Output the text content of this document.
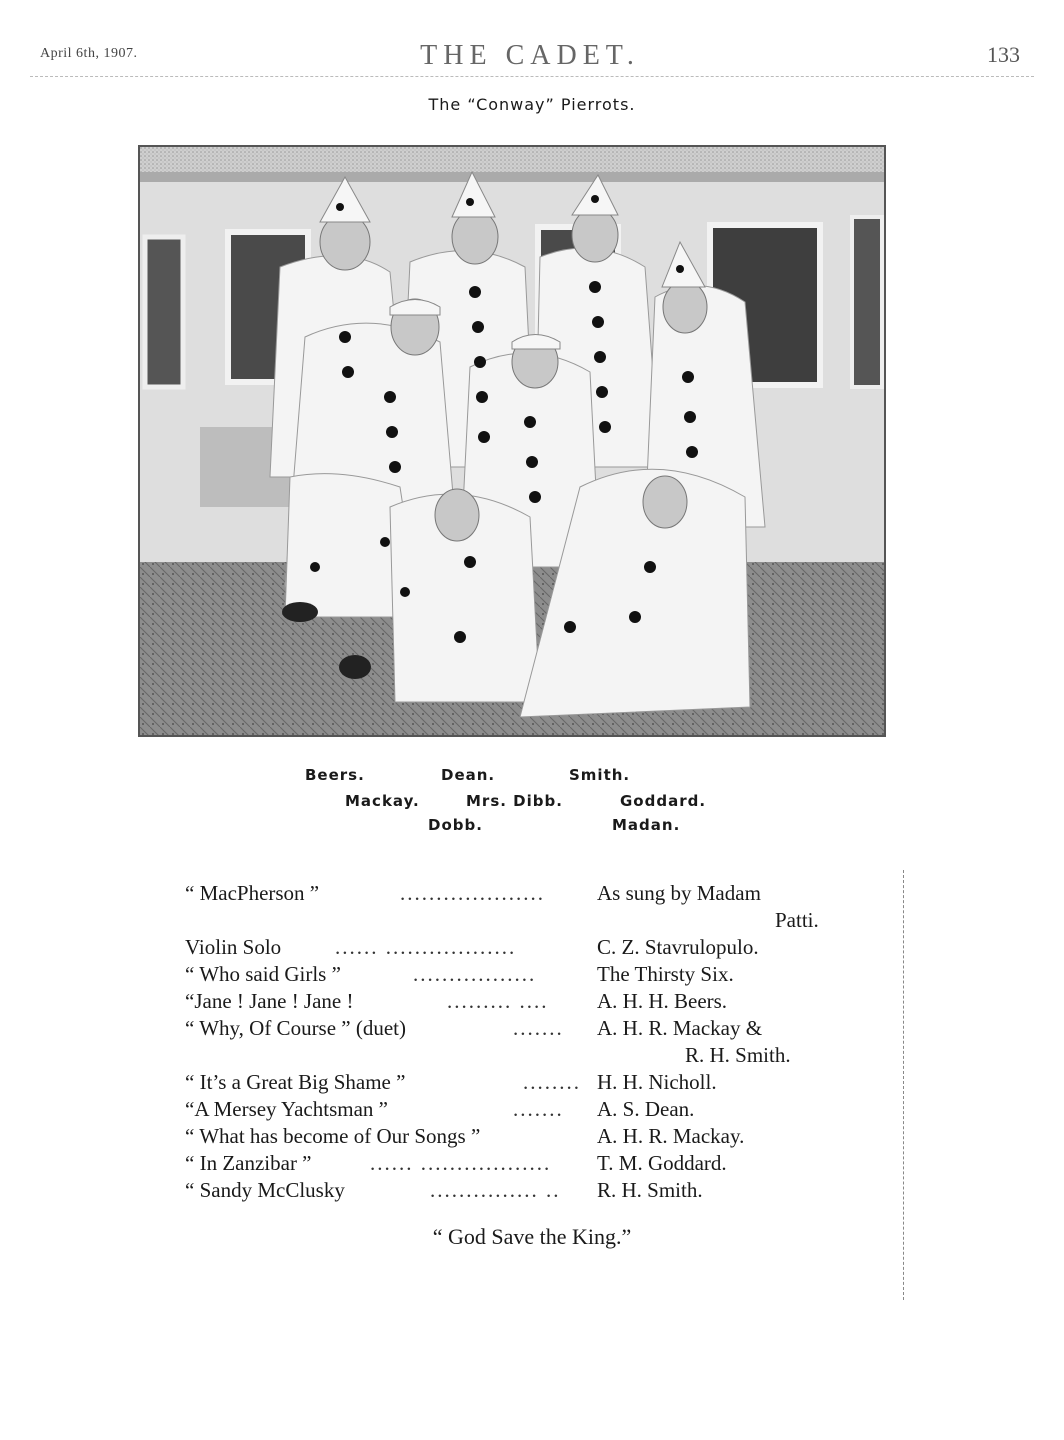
April 6th, 1907.	THE CADET.	133
The “Conway” Pierrots.
Beers.	Dean.	Smith.
Mackay.	Mrs. Dibb.	Goddard.
Dobb.	Madan.
“ MacPherson ”	.................... As sung by Madam
Patti.
Violin Solo	...... ..................	C. Z. Stavrulopulo.
“ Who said Girls ”	.................	The Thirsty Six.
“Jane ! Jane ! Jane !	......... .... A. H. H. Beers.
“ Why, Of Course ” (duet)	....... A. H. R. Mackay &
R. H. Smith.
“ It’s a Great Big Shame ”	........ H. H. Nicholl.
“A Mersey Yachtsman ”	....... A. S. Dean.
“ What has become of Our Songs ”	A. H. R. Mackay.
“ In Zanzibar ”	...... .................. T. M. Goddard.
“ Sandy McClusky	............... .. R. H. Smith.
“ God Save the King.”
